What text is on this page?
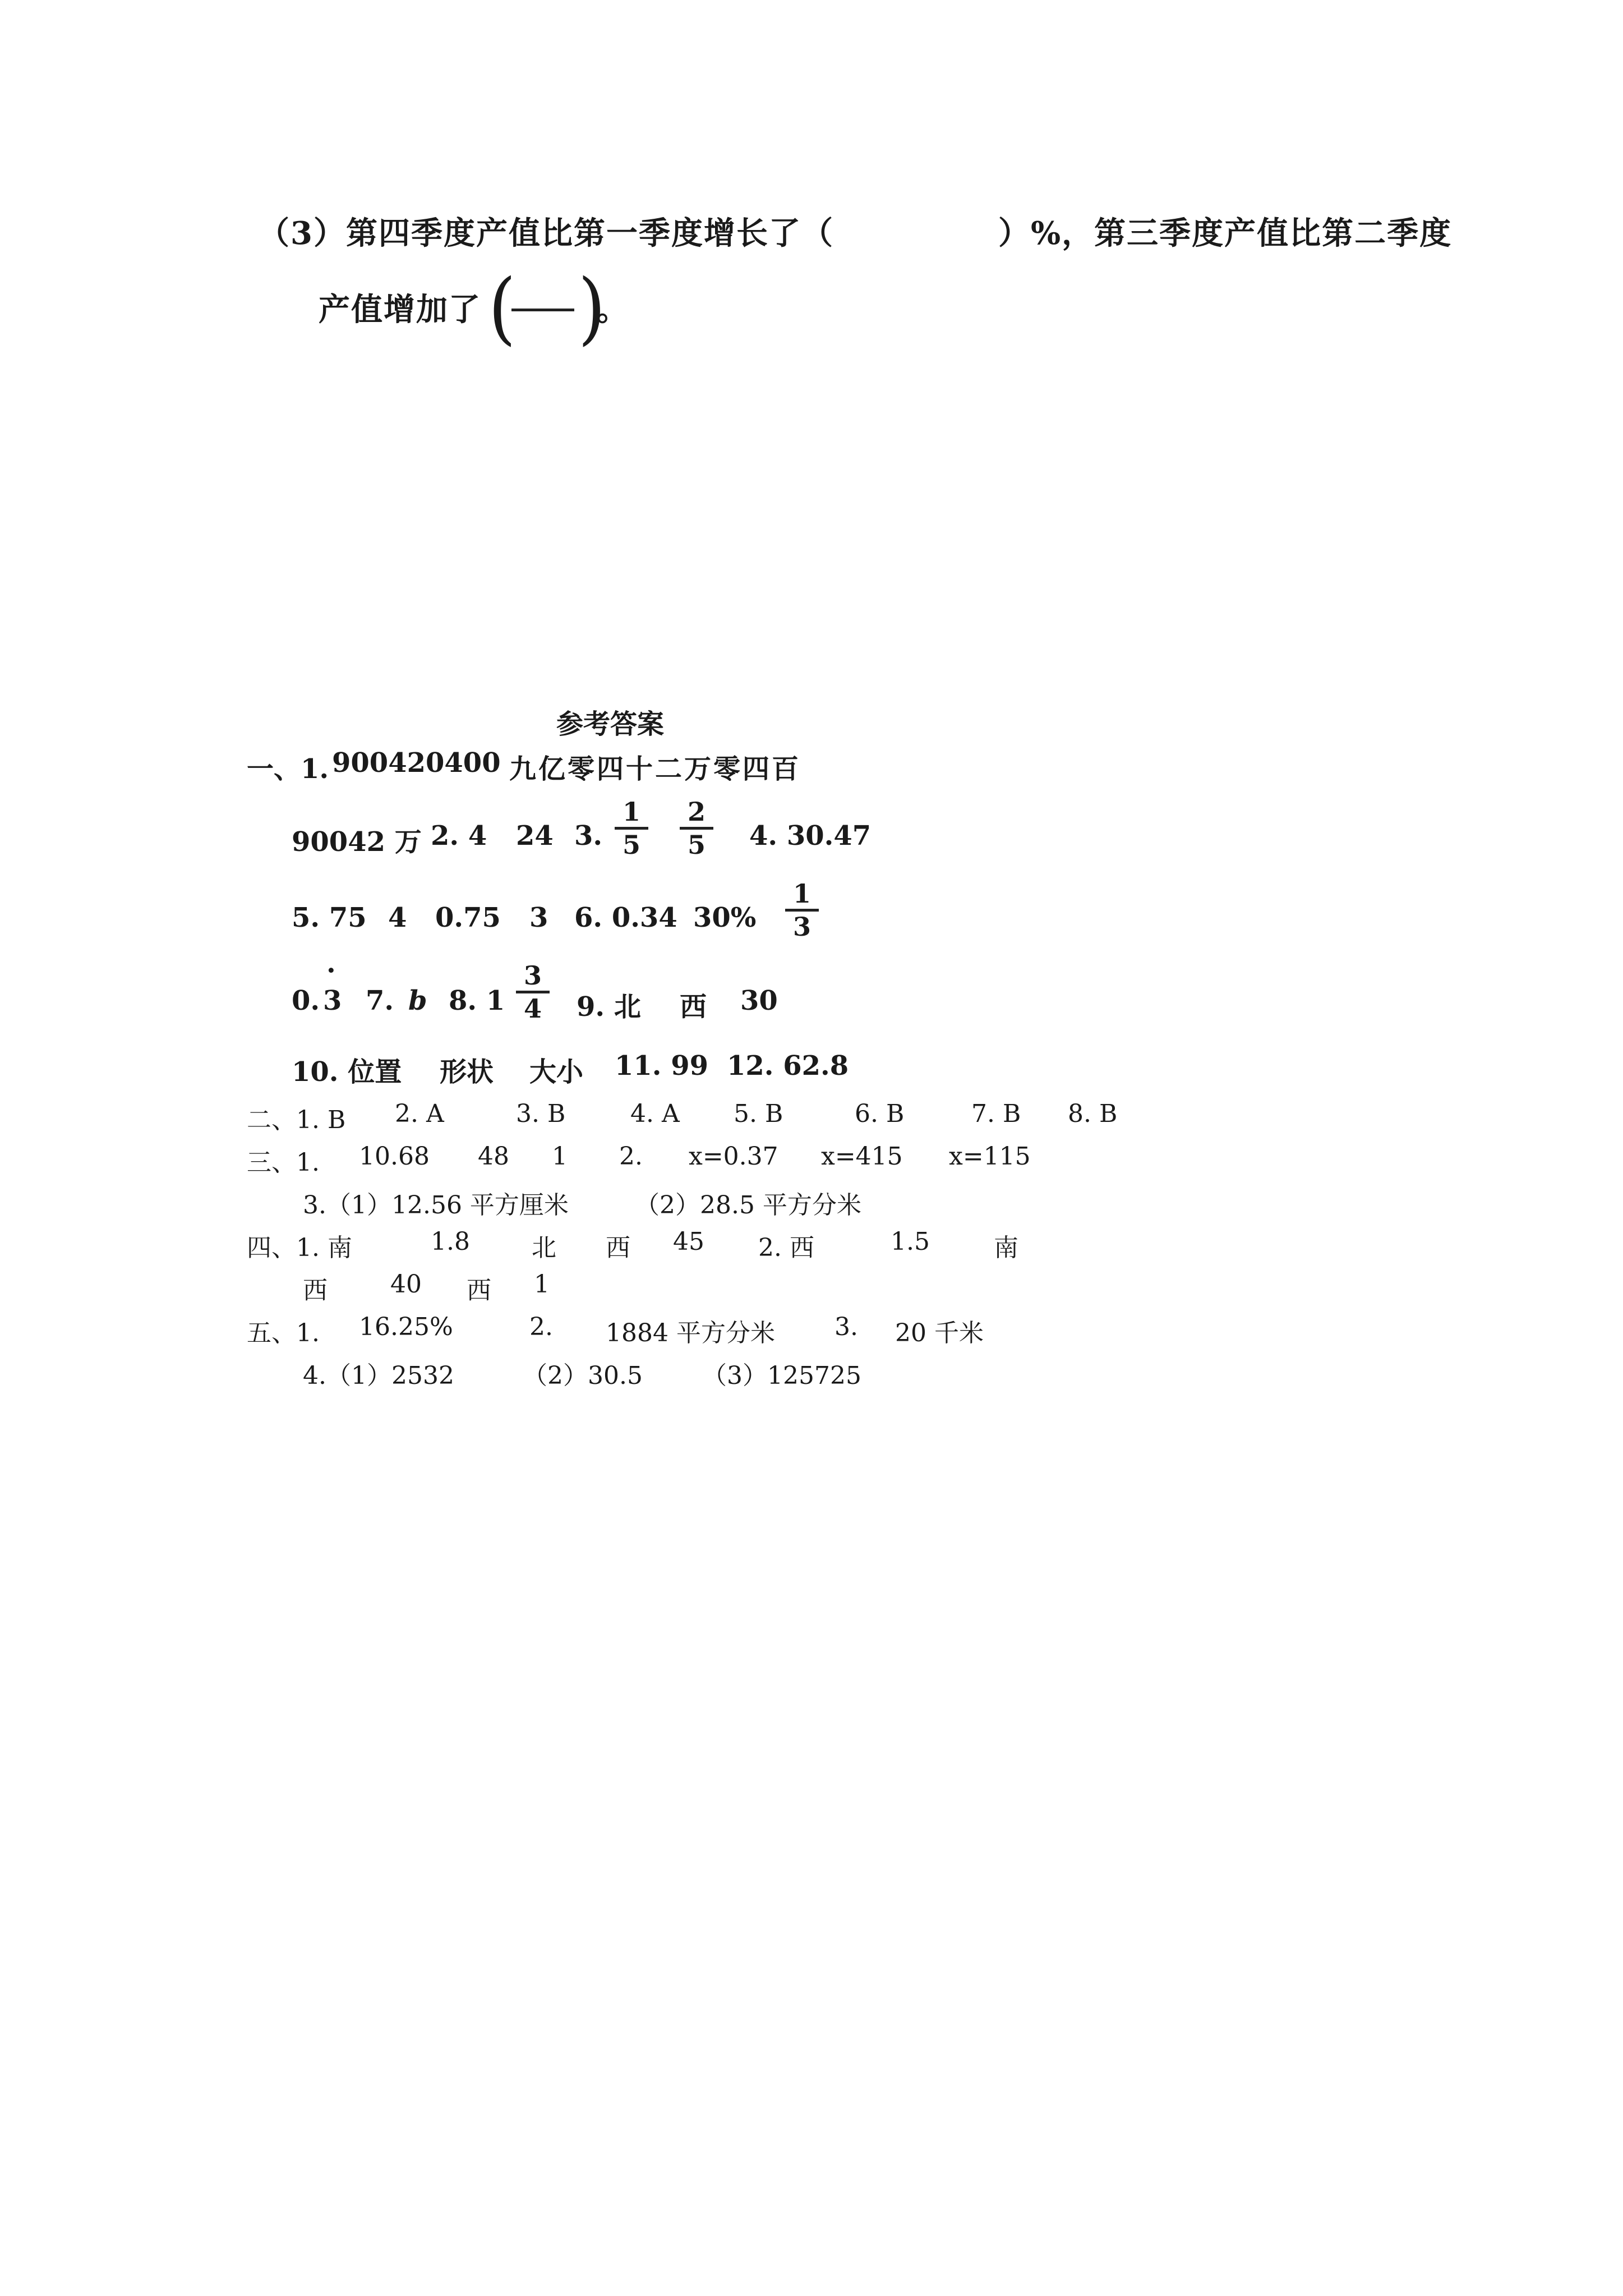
（3）第四季度产值比第一季度增长了（	）%，第三季度产值比第二季度
产值增加了 ( )
。
参考答案
一、1. 900420400 九亿零四十二万零四百
90042 万 2. 4 24 3.
1
5
2
5 4. 30.47
5. 75 4 0.75 3 6. 0.34 30%
1
3
0. 3
·
7. b 8. 1
3
4 9. 北 西 30
10. 位置 形状 大小 11. 99 12. 62.8
二、1. B 2. A	3. B	4. A 5. B	6. B	7. B 8. B
三、1. 10.68 48 1 2. x=0.37 x=415 x=115
3.（1）12.56 平方厘米	（2）28.5 平方分米
四、1. 南	1.8	北 西 45 2. 西	1.5	南
西	40 西 1
五、1. 16.25%	2. 1884 平方分米 3. 20 千米
4.（1）2532	（2）30.5 （3）125725
